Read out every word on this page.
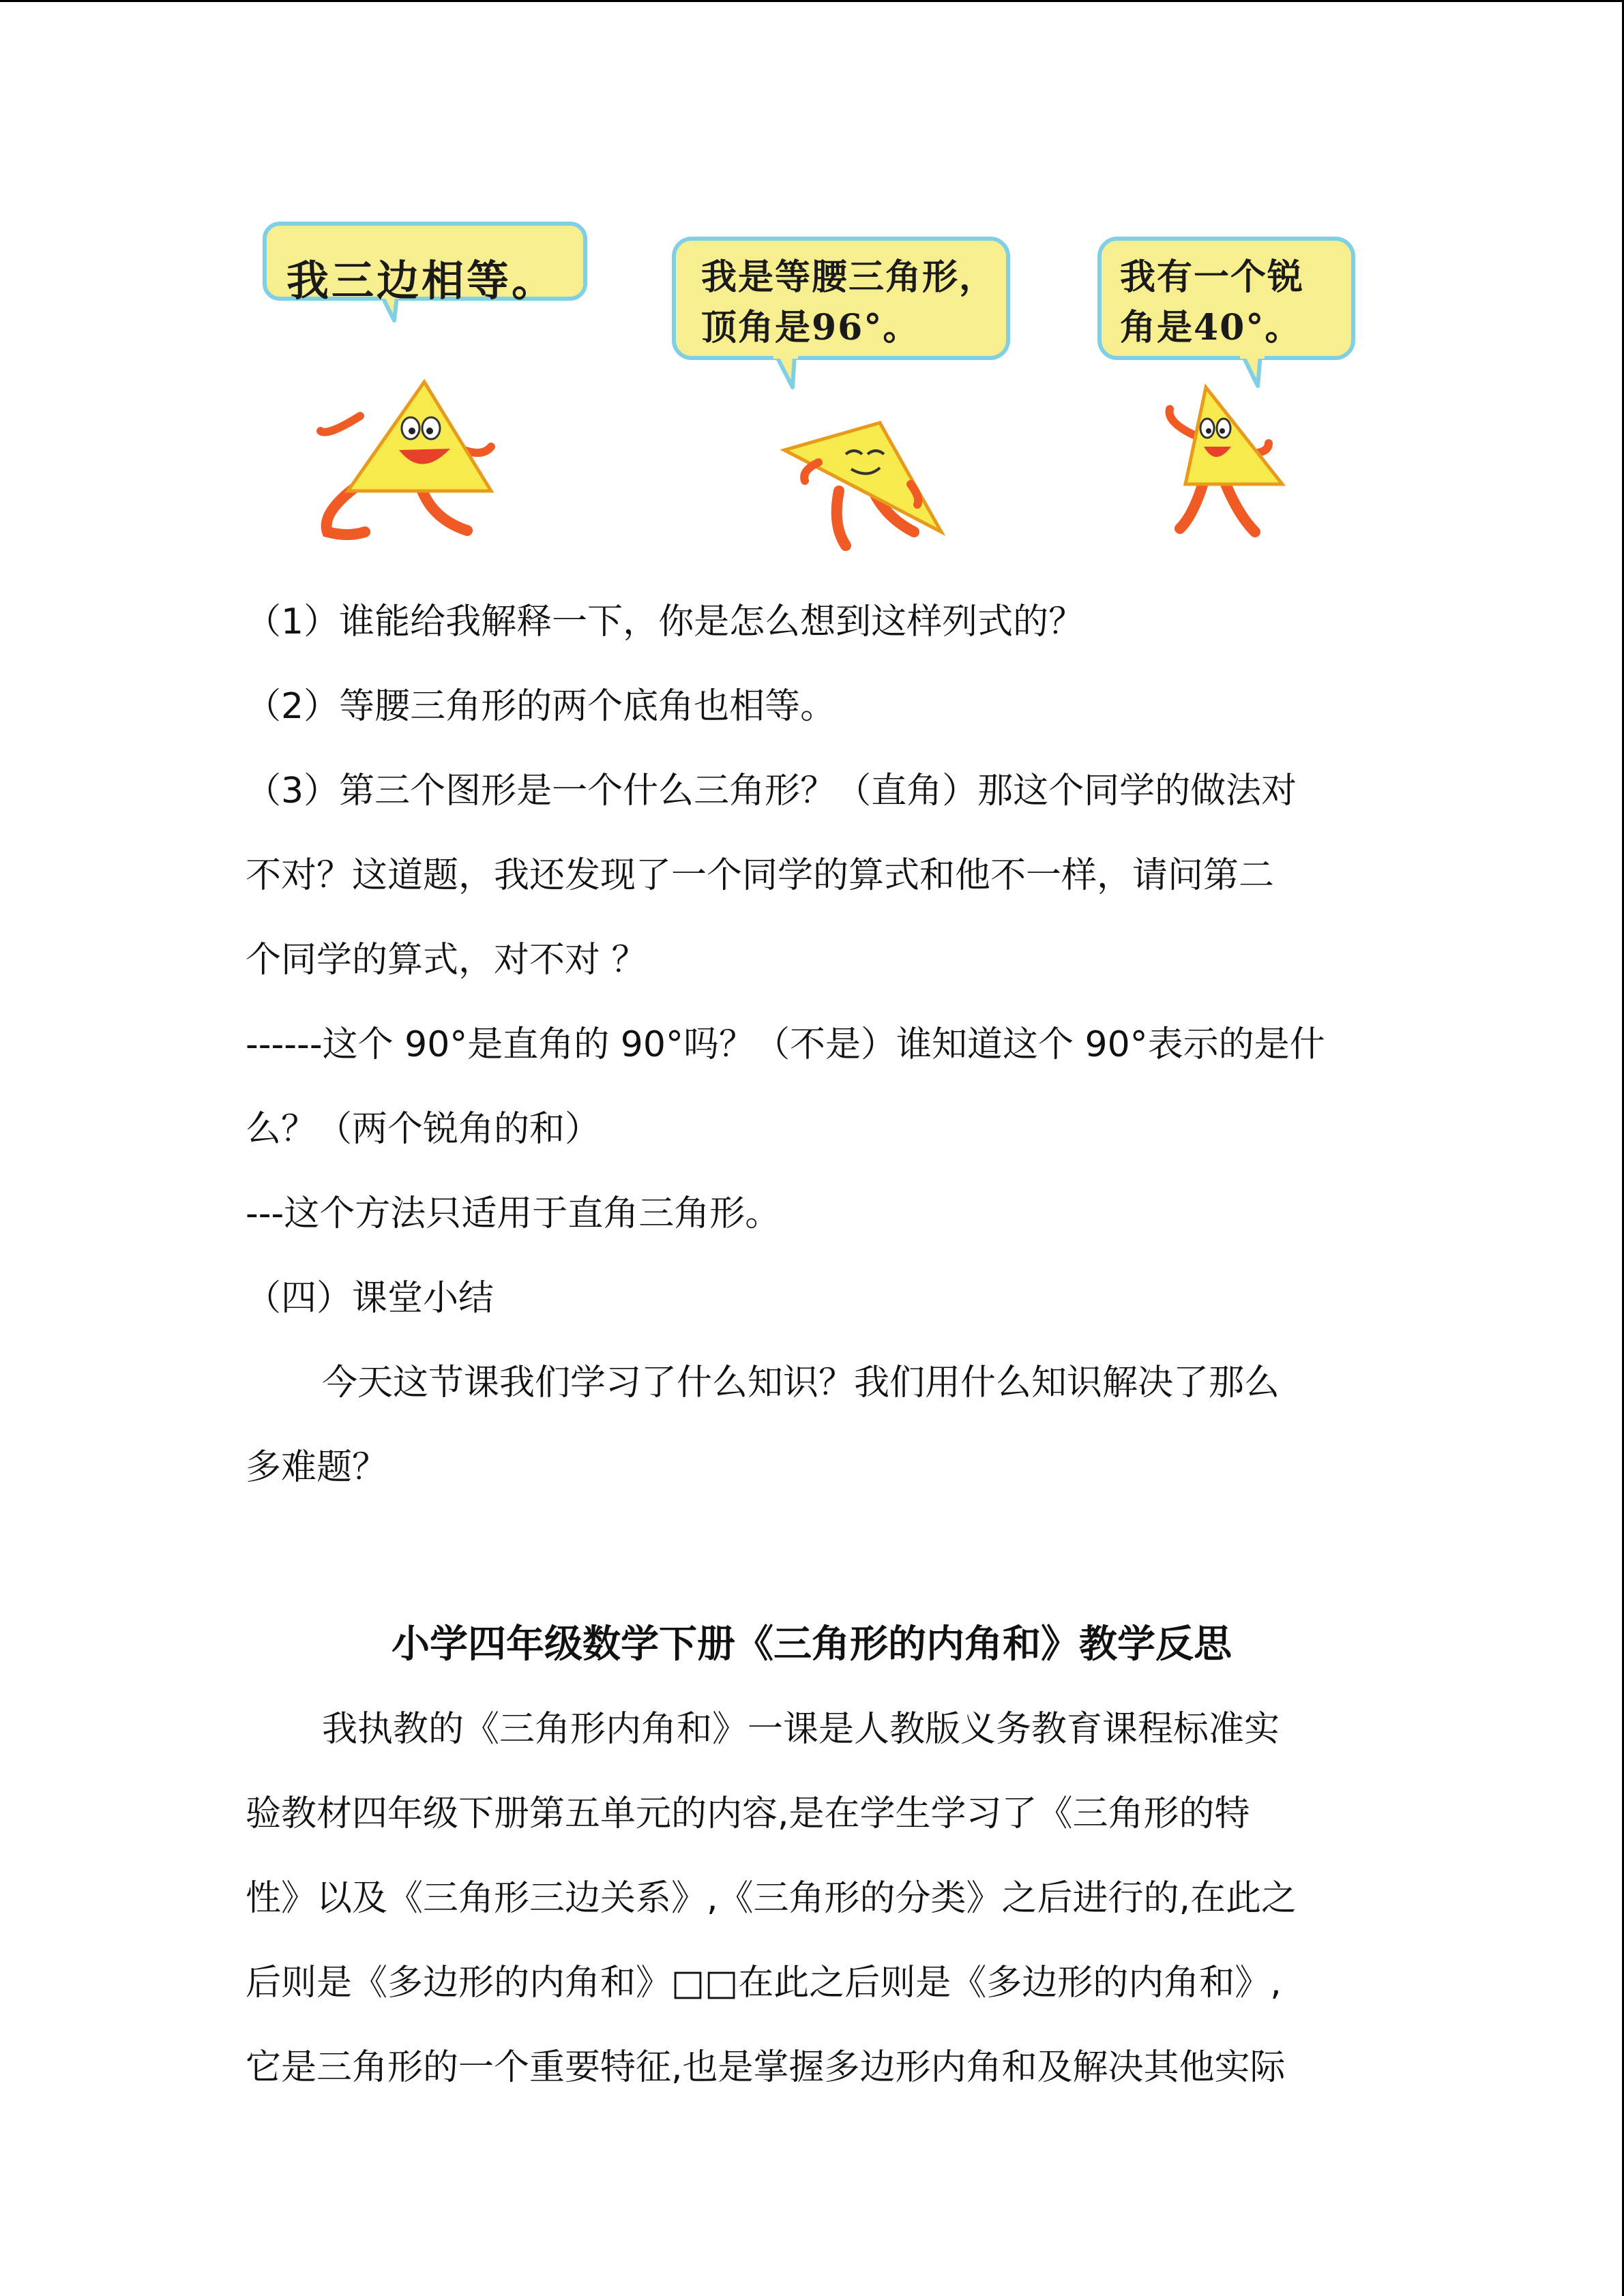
我三边相等。	我是等腰三角形，
顶角是96°。
我有一个锐
角是40°。
（1）谁能给我解释一下，你是怎么想到这样列式的？
（2）等腰三角形的两个底角也相等。
（3）第三个图形是一个什么三角形？（直角）那这个同学的做法对
不对？这道题，我还发现了一个同学的算式和他不一样，请问第二
个同学的算式，对不对 ？
------这个 90°是直角的 90°吗？（不是）谁知道这个 90°表示的是什
么？（两个锐角的和）
---这个方法只适用于直角三角形。
（四）课堂小结
今天这节课我们学习了什么知识？我们用什么知识解决了那么
多难题？
小学四年级数学下册《三角形的内角和》教学反思
我执教的《三角形内角和》一课是人教版义务教育课程标准实
验教材四年级下册第五单元的内容,是在学生学习了《三角形的特
性》以及《三角形三边关系》,《三角形的分类》之后进行的,在此之
后则是《多边形的内角和》□□在此之后则是《多边形的内角和》,
它是三角形的一个重要特征,也是掌握多边形内角和及解决其他实际
